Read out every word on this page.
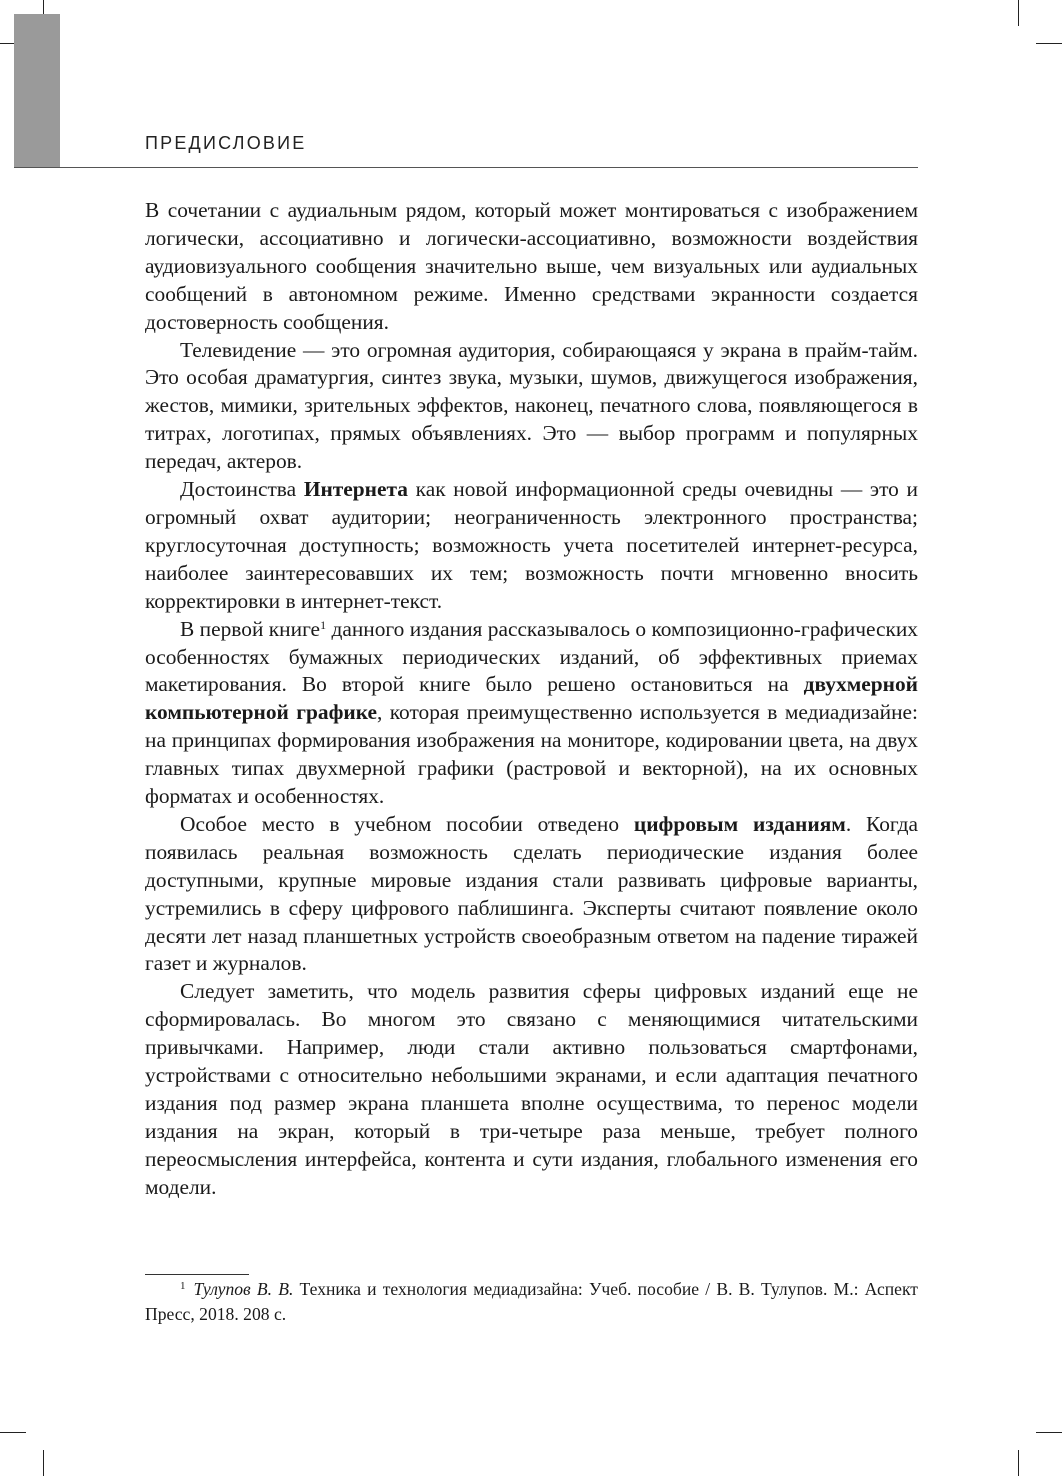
ПРЕДИСЛОВИЕ

В сочетании с аудиальным рядом, который может монтироваться с изображением логически, ассоциативно и логически-ассоциативно, возможности воздействия аудиовизуального сообщения значительно выше, чем визуальных или аудиальных сообщений в автономном режиме. Именно средствами экранности создается достоверность сообщения.

Телевидение — это огромная аудитория, собирающаяся у экрана в прайм-тайм. Это особая драматургия, синтез звука, музыки, шумов, движущегося изображения, жестов, мимики, зрительных эффектов, наконец, печатного слова, появляющегося в титрах, логотипах, прямых объявлениях. Это — выбор программ и популярных передач, актеров.

Достоинства Интернета как новой информационной среды очевидны — это и огромный охват аудитории; неограниченность электронного пространства; круглосуточная доступность; возможность учета посетителей интернет-ресурса, наиболее заинтересовавших их тем; возможность почти мгновенно вносить корректировки в интернет-текст.

В первой книге$^1$ данного издания рассказывалось о композиционно-графических особенностях бумажных периодических изданий, об эффективных приемах макетирования. Во второй книге было решено остановиться на двухмерной компьютерной графике, которая преимущественно используется в медиадизайне: на принципах формирования изображения на мониторе, кодировании цвета, на двух главных типах двухмерной графики (растровой и векторной), на их основных форматах и особенностях.

Особое место в учебном пособии отведено цифровым изданиям. Когда появилась реальная возможность сделать периодические издания более доступными, крупные мировые издания стали развивать цифровые варианты, устремились в сферу цифрового паблишинга. Эксперты считают появление около десяти лет назад планшетных устройств своеобразным ответом на падение тиражей газет и журналов.

Следует заметить, что модель развития сферы цифровых изданий еще не сформировалась. Во многом это связано с меняющимися читательскими привычками. Например, люди стали активно пользоваться смартфонами, устройствами с относительно небольшими экранами, и если адаптация печатного издания под размер экрана планшета вполне осуществима, то перенос модели издания на экран, который в три-четыре раза меньше, требует полного переосмысления интерфейса, контента и сути издания, глобального изменения его модели.

$^1$ Тулупов В. В. Техника и технология медиадизайна: Учеб. пособие / В. В. Тулупов. М.: Аспект Пресс, 2018. 208 с.
